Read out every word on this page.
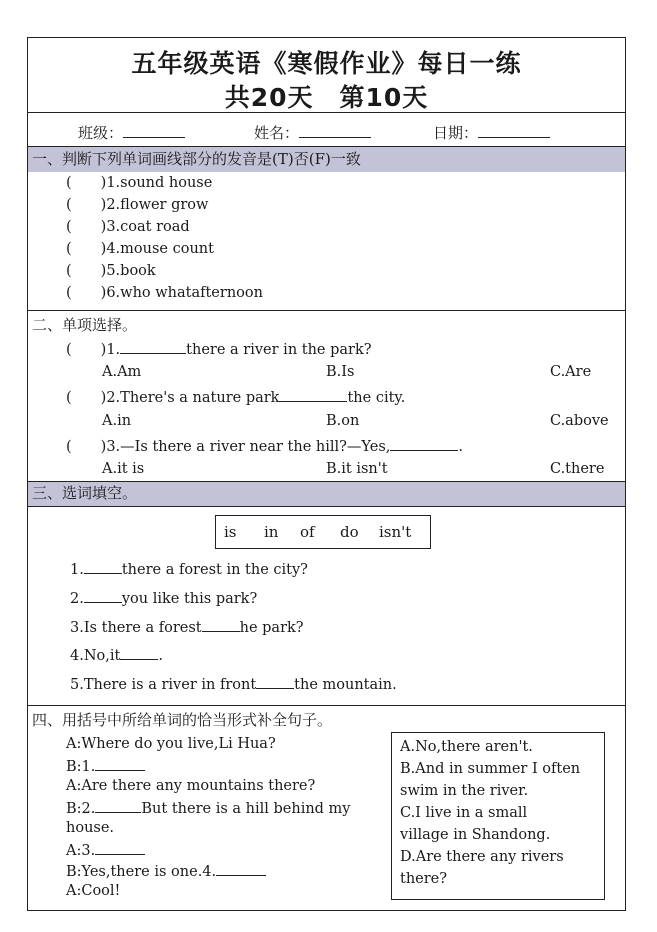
五年级英语《寒假作业》每日一练
共20天　第10天
班级：	姓名：	日期：
一、判断下列单词画线部分的发音是(T)否(F)一致
(　　)1.sound house
(　　)2.flower grow
(　　)3.coat road
(　　)4.mouse count
(　　)5.book
(　　)6.who whatafternoon
二、单项选择。
(　　)1.	there a river in the park?
A.Am	B.Is	C.Are
(　　)2.There's a nature park	the city.
A.in	B.on	C.above
(　　)3.—Is there a river near the hill?—Yes,	.
A.it is	B.it isn't	C.there
三、选词填空。
is in of do isn't
1.	there a forest in the city?
2.	you like this park?
3.Is there a forest	he park?
4.No,it	.
5.There is a river in front	the mountain.
四、用括号中所给单词的恰当形式补全句子。
A:Where do you live,Li Hua?
B:1.
A:Are there any mountains there?
B:2.	But there is a hill behind my
house.
A:3.
B:Yes,there is one.4.
A:Cool!
A.No,there aren't.
B.And in summer I often
swim in the river.
C.I live in a small
village in Shandong.
D.Are there any rivers
there?
